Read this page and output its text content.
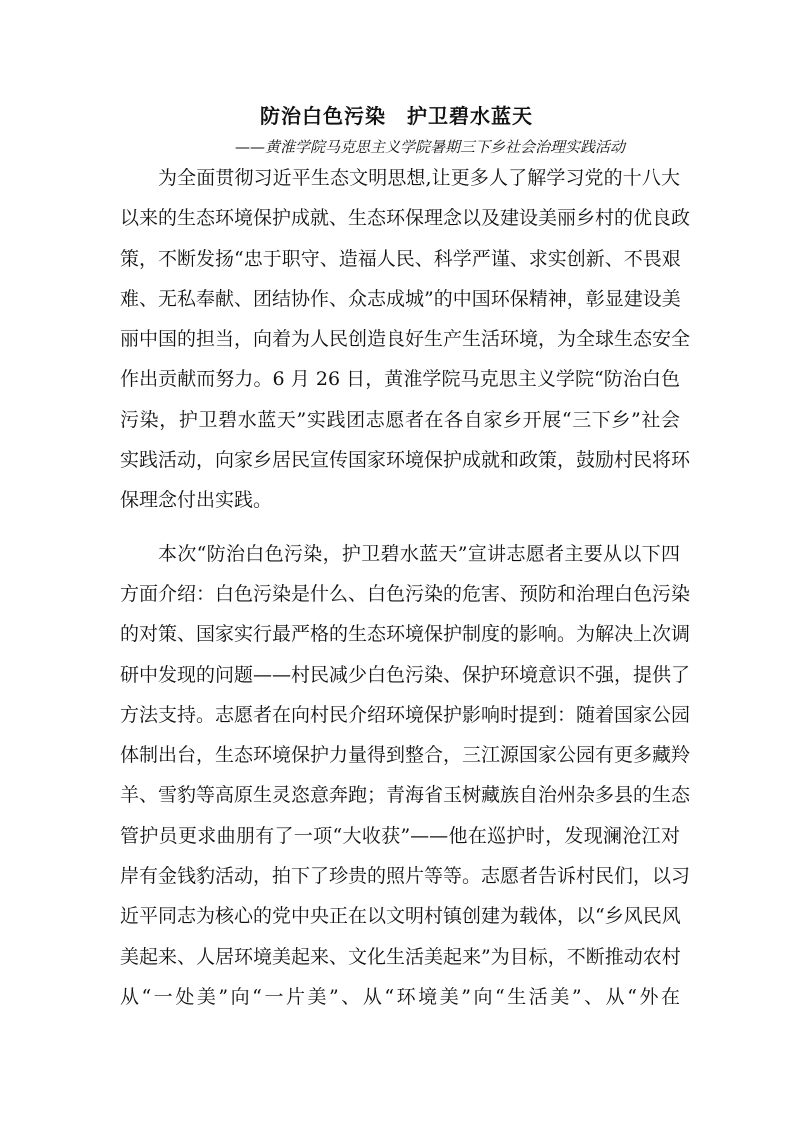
防治白色污染　护卫碧水蓝天
——黄淮学院马克思主义学院暑期三下乡社会治理实践活动
为全面贯彻习近平生态文明思想,让更多人了解学习党的十八大
以来的生态环境保护成就、生态环保理念以及建设美丽乡村的优良政
策，不断发扬“忠于职守、造福人民、科学严谨、求实创新、不畏艰
难、无私奉献、团结协作、众志成城”的中国环保精神，彰显建设美
丽中国的担当，向着为人民创造良好生产生活环境，为全球生态安全
作出贡献而努力。6 月 26 日，黄淮学院马克思主义学院“防治白色
污染，护卫碧水蓝天”实践团志愿者在各自家乡开展“三下乡”社会
实践活动，向家乡居民宣传国家环境保护成就和政策，鼓励村民将环
保理念付出实践。
本次“防治白色污染，护卫碧水蓝天”宣讲志愿者主要从以下四
方面介绍：白色污染是什么、白色污染的危害、预防和治理白色污染
的对策、国家实行最严格的生态环境保护制度的影响。为解决上次调
研中发现的问题——村民减少白色污染、保护环境意识不强，提供了
方法支持。志愿者在向村民介绍环境保护影响时提到：随着国家公园
体制出台，生态环境保护力量得到整合，三江源国家公园有更多藏羚
羊、雪豹等高原生灵恣意奔跑；青海省玉树藏族自治州杂多县的生态
管护员更求曲朋有了一项“大收获”——他在巡护时，发现澜沧江对
岸有金钱豹活动，拍下了珍贵的照片等等。志愿者告诉村民们，以习
近平同志为核心的党中央正在以文明村镇创建为载体，以“乡风民风
美起来、人居环境美起来、文化生活美起来”为目标，不断推动农村
从“一处美”向“一片美”、从“环境美”向“生活美”、从“外在
